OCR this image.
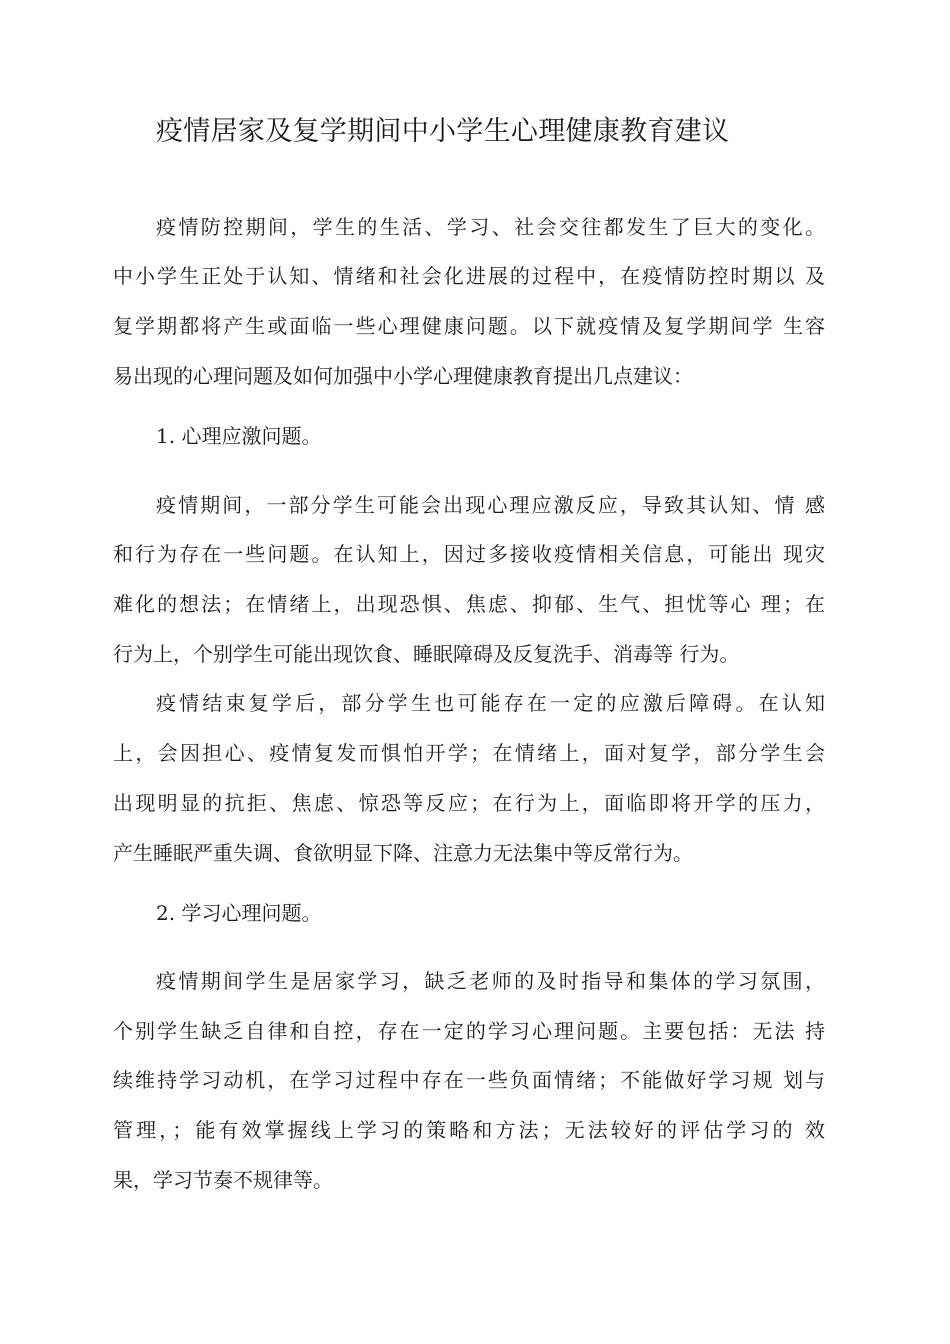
疫情居家及复学期间中小学生心理健康教育建议
疫情防控期间，学生的生活、学习、社会交往都发生了巨大的变化。
中小学生正处于认知、情绪和社会化进展的过程中，在疫情防控时期以 及
复学期都将产生或面临一些心理健康问题。以下就疫情及复学期间学 生容
易出现的心理问题及如何加强中小学心理健康教育提出几点建议：
1. 心理应激问题。
疫情期间，一部分学生可能会出现心理应激反应，导致其认知、情 感
和行为存在一些问题。在认知上，因过多接收疫情相关信息，可能出 现灾
难化的想法；在情绪上，出现恐惧、焦虑、抑郁、生气、担忧等心 理；在
行为上，个别学生可能出现饮食、睡眠障碍及反复洗手、消毒等 行为。
疫情结束复学后，部分学生也可能存在一定的应激后障碍。在认知
上，会因担心、疫情复发而惧怕开学；在情绪上，面对复学，部分学生会
出现明显的抗拒、焦虑、惊恐等反应；在行为上，面临即将开学的压力，
产生睡眠严重失调、食欲明显下降、注意力无法集中等反常行为。
2. 学习心理问题。
疫情期间学生是居家学习，缺乏老师的及时指导和集体的学习氛围，
个别学生缺乏自律和自控，存在一定的学习心理问题。主要包括：无法 持
续维持学习动机，在学习过程中存在一些负面情绪；不能做好学习规 划与
管理，；能有效掌握线上学习的策略和方法；无法较好的评估学习的 效
果，学习节奏不规律等。
